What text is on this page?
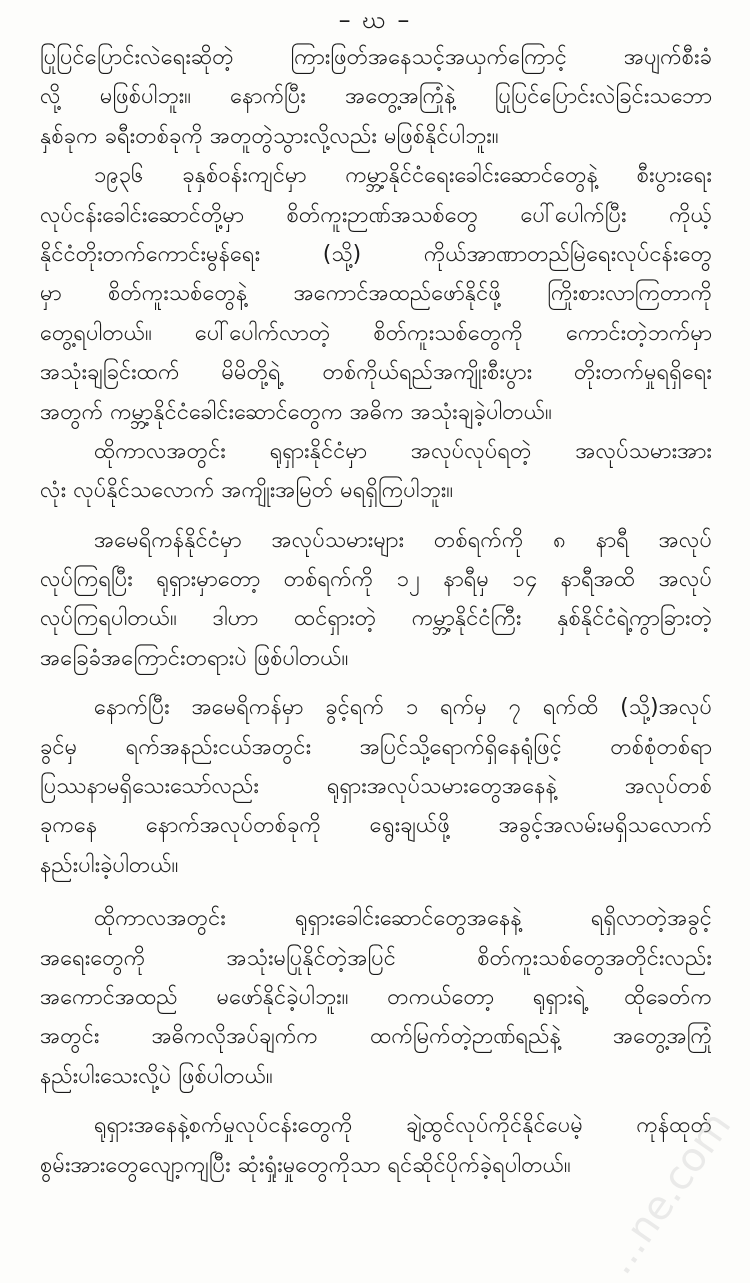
– ဃ –
ပြုပြင်ပြောင်းလဲရေးဆိုတဲ့ ကြားဖြတ်အနေသင့်အယှက်ကြောင့် အပျက်စီးခံ
လို့ မဖြစ်ပါဘူး။ နောက်ပြီး အတွေ့အကြုံနဲ့ ပြုပြင်ပြောင်းလဲခြင်းသဘော
နှစ်ခုက ခရီးတစ်ခုကို အတူတွဲသွားလို့လည်း မဖြစ်နိုင်ပါဘူး။
၁၉၃၆ ခုနှစ်ဝန်းကျင်မှာ ကမ္ဘာ့နိုင်ငံရေးခေါင်းဆောင်တွေနဲ့ စီးပွားရေး
လုပ်ငန်းခေါင်းဆောင်တို့မှာ စိတ်ကူးဉာဏ်အသစ်တွေ ပေါ်ပေါက်ပြီး ကိုယ့်
နိုင်ငံတိုးတက်ကောင်းမွန်ရေး (သို့) ကိုယ်အာဏာတည်မြဲရေးလုပ်ငန်းတွေ
မှာ စိတ်ကူးသစ်တွေနဲ့ အကောင်အထည်ဖော်နိုင်ဖို့ ကြိုးစားလာကြတာကို
တွေ့ရပါတယ်။ ပေါ်ပေါက်လာတဲ့ စိတ်ကူးသစ်တွေကို ကောင်းတဲ့ဘက်မှာ
အသုံးချခြင်းထက် မိမိတို့ရဲ့ တစ်ကိုယ်ရည်အကျိုးစီးပွား တိုးတက်မှုရရှိရေး
အတွက် ကမ္ဘာ့နိုင်ငံခေါင်းဆောင်တွေက အဓိက အသုံးချခဲ့ပါတယ်။
ထိုကာလအတွင်း ရုရှားနိုင်ငံမှာ အလုပ်လုပ်ရတဲ့ အလုပ်သမားအား
လုံး လုပ်နိုင်သလောက် အကျိုးအမြတ် မရရှိကြပါဘူး။
အမေရိကန်နိုင်ငံမှာ အလုပ်သမားများ တစ်ရက်ကို ၈ နာရီ အလုပ်
လုပ်ကြရပြီး ရုရှားမှာတော့ တစ်ရက်ကို ၁၂ နာရီမှ ၁၄ နာရီအထိ အလုပ်
လုပ်ကြရပါတယ်။ ဒါဟာ ထင်ရှားတဲ့ ကမ္ဘာ့နိုင်ငံကြီး နှစ်နိုင်ငံရဲ့ကွာခြားတဲ့
အခြေခံအကြောင်းတရားပဲ ဖြစ်ပါတယ်။
နောက်ပြီး အမေရိကန်မှာ ခွင့်ရက် ၁ ရက်မှ ၇ ရက်ထိ (သို့)အလုပ်
ခွင်မှ ရက်အနည်းငယ်အတွင်း အပြင်သို့ရောက်ရှိနေရုံဖြင့် တစ်စုံတစ်ရာ
ပြဿနာမရှိသေးသော်လည်း ရုရှားအလုပ်သမားတွေအနေနဲ့ အလုပ်တစ်
ခုကနေ နောက်အလုပ်တစ်ခုကို ရွေးချယ်ဖို့ အခွင့်အလမ်းမရှိသလောက်
နည်းပါးခဲ့ပါတယ်။
ထိုကာလအတွင်း ရုရှားခေါင်းဆောင်တွေအနေနဲ့ ရရှိလာတဲ့အခွင့်
အရေးတွေကို အသုံးမပြုနိုင်တဲ့အပြင် စိတ်ကူးသစ်တွေအတိုင်းလည်း
အကောင်အထည် မဖော်နိုင်ခဲ့ပါဘူး။ တကယ်တော့ ရုရှားရဲ့ ထိုခေတ်က
အတွင်း အဓိကလိုအပ်ချက်က ထက်မြက်တဲ့ဉာဏ်ရည်နဲ့ အတွေ့အကြုံ
နည်းပါးသေးလို့ပဲ ဖြစ်ပါတယ်။
ရုရှားအနေနဲ့စက်မှုလုပ်ငန်းတွေကို ချဲ့ထွင်လုပ်ကိုင်နိုင်ပေမဲ့ ကုန်ထုတ်
စွမ်းအားတွေလျော့ကျပြီး ဆုံးရှုံးမှုတွေကိုသာ ရင်ဆိုင်ပိုက်ခဲ့ရပါတယ်။ ...ne.com
